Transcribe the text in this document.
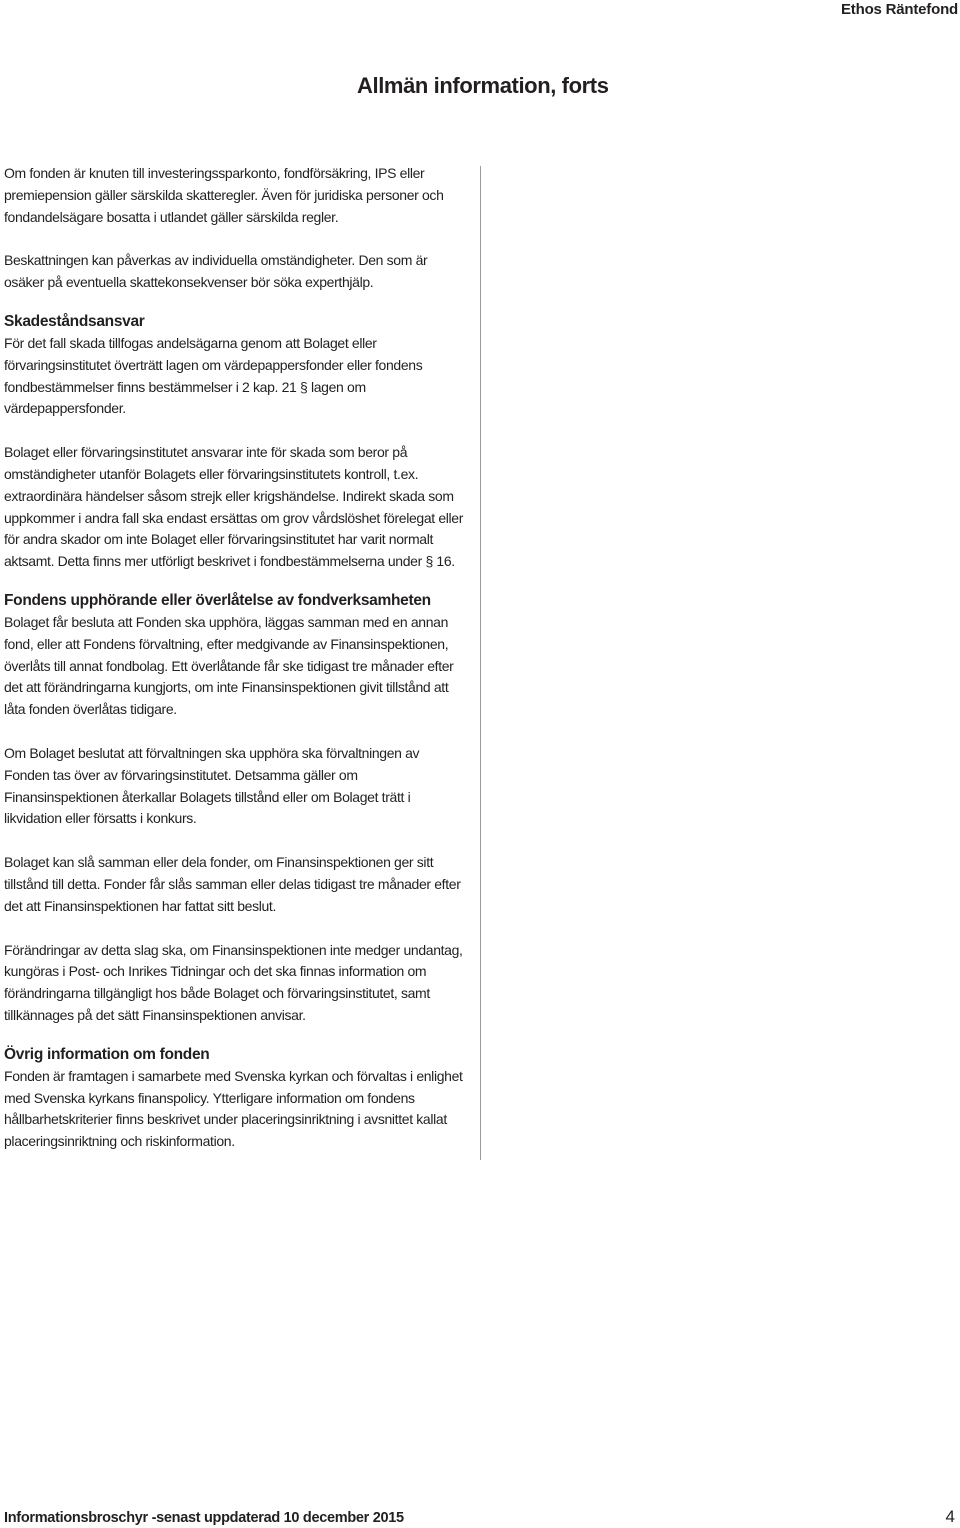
Ethos Räntefond
Allmän information, forts

Om fonden är knuten till investeringssparkonto, fondförsäkring, IPS eller premiepension gäller särskilda skatteregler. Även för juridiska personer och fondandelsägare bosatta i utlandet gäller särskilda regler.

Beskattningen kan påverkas av individuella omständigheter. Den som är osäker på eventuella skattekonsekvenser bör söka experthjälp.

Skadeståndsansvar

För det fall skada tillfogas andelsägarna genom att Bolaget eller förvaringsinstitutet överträtt lagen om värdepappersfonder eller fondens fondbestämmelser finns bestämmelser i 2 kap. 21 § lagen om värdepappersfonder.

Bolaget eller förvaringsinstitutet ansvarar inte för skada som beror på omständigheter utanför Bolagets eller förvaringsinstitutets kontroll, t.ex. extraordinära händelser såsom strejk eller krigshändelse. Indirekt skada som uppkommer i andra fall ska endast ersättas om grov vårdslöshet förelegat eller för andra skador om inte Bolaget eller förvaringsinstitutet har varit normalt aktsamt. Detta finns mer utförligt beskrivet i fondbestämmelserna under § 16.

Fondens upphörande eller överlåtelse av fondverksamheten

Bolaget får besluta att Fonden ska upphöra, läggas samman med en annan fond, eller att Fondens förvaltning, efter medgivande av Finansinspektionen, överlåts till annat fondbolag. Ett överlåtande får ske tidigast tre månader efter det att förändringarna kungjorts, om inte Finansinspektionen givit tillstånd att låta fonden överlåtas tidigare.

Om Bolaget beslutat att förvaltningen ska upphöra ska förvaltningen av Fonden tas över av förvaringsinstitutet. Detsamma gäller om Finansinspektionen återkallar Bolagets tillstånd eller om Bolaget trätt i likvidation eller försatts i konkurs.

Bolaget kan slå samman eller dela fonder, om Finansinspektionen ger sitt tillstånd till detta. Fonder får slås samman eller delas tidigast tre månader efter det att Finansinspektionen har fattat sitt beslut.

Förändringar av detta slag ska, om Finansinspektionen inte medger undantag, kungöras i Post- och Inrikes Tidningar och det ska finnas information om förändringarna tillgängligt hos både Bolaget och förvaringsinstitutet, samt tillkännages på det sätt Finansinspektionen anvisar.

Övrig information om fonden

Fonden är framtagen i samarbete med Svenska kyrkan och förvaltas i enlighet med Svenska kyrkans finanspolicy. Ytterligare information om fondens hållbarhetskriterier finns beskrivet under placeringsinriktning i avsnittet kallat placeringsinriktning och riskinformation.

Informationsbroschyr -senast uppdaterad 10 december 2015	4
